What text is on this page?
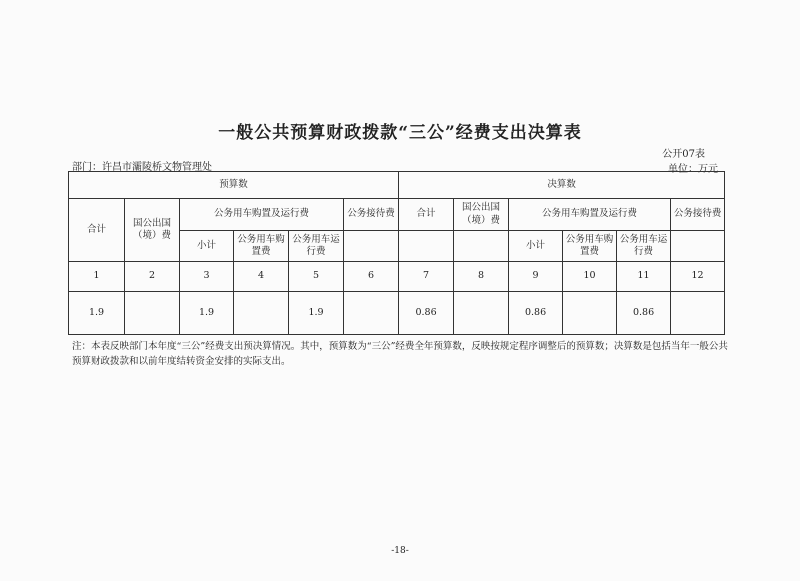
一般公共预算财政拨款“三公”经费支出决算表
公开07表
部门：许昌市灞陵桥文物管理处	单位：万元
预算数						决算数					
合计	国公出国（境）费	公务用车购置及运行费			公务接待费	合计	国公出国（境）费	公务用车购置及运行费			公务接待费
		小计	公务用车购置费	公务用车运行费				小计	公务用车购置费	公务用车运行费	
1	2	3	4	5	6	7	8	9	10	11	12
1.9		1.9		1.9		0.86		0.86		0.86	
注：本表反映部门本年度“三公”经费支出预决算情况。其中，预算数为“三公”经费全年预算数，反映按规定程序调整后的预算数；决算数是包括当年一般公共预算财政拨款和以前年度结转资金安排的实际支出。
-18-
